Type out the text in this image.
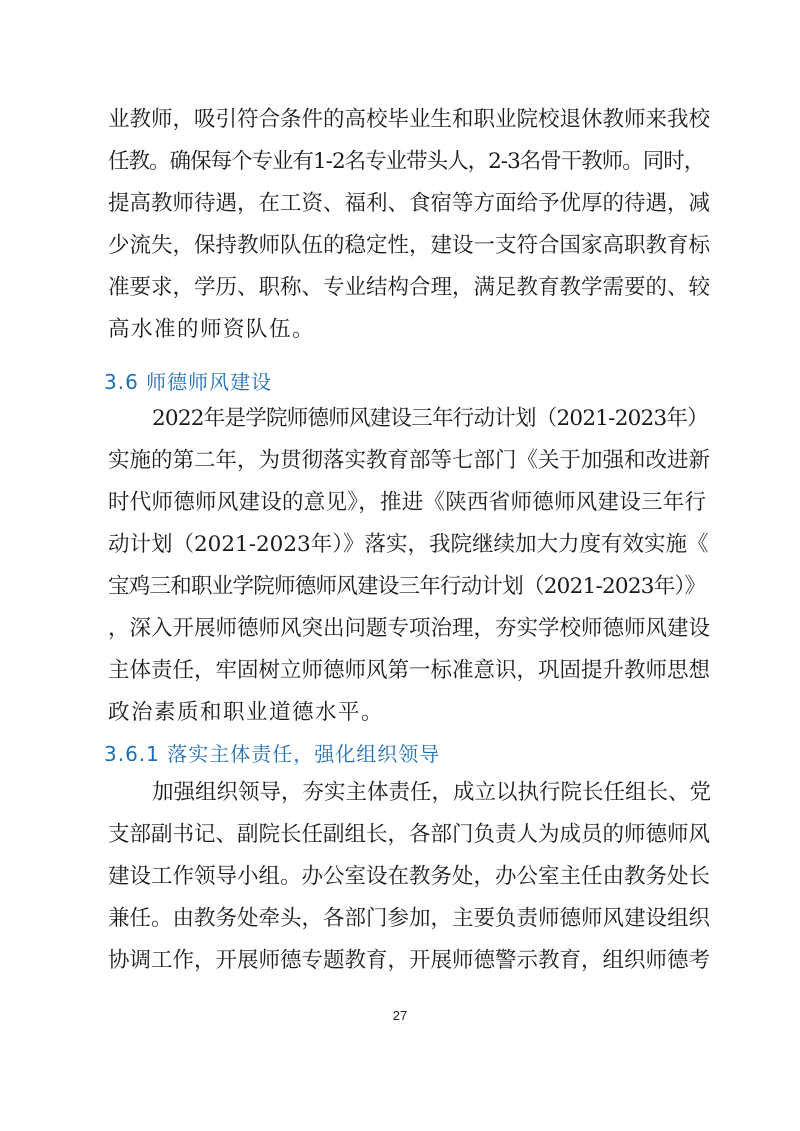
业教师，吸引符合条件的高校毕业生和职业院校退休教师来我校
任教。确保每个专业有1-2名专业带头人，2-3名骨干教师。同时，
提高教师待遇，在工资、福利、食宿等方面给予优厚的待遇，减
少流失，保持教师队伍的稳定性，建设一支符合国家高职教育标
准要求，学历、职称、专业结构合理，满足教育教学需要的、较
高水准的师资队伍。
3.6 师德师风建设
2022年是学院师德师风建设三年行动计划（2021-2023年）
实施的第二年，为贯彻落实教育部等七部门《关于加强和改进新
时代师德师风建设的意见》，推进《陕西省师德师风建设三年行
动计划（2021-2023年）》落实，我院继续加大力度有效实施《
宝鸡三和职业学院师德师风建设三年行动计划（2021-2023年）》
，深入开展师德师风突出问题专项治理，夯实学校师德师风建设
主体责任，牢固树立师德师风第一标准意识，巩固提升教师思想
政治素质和职业道德水平。
3.6.1 落实主体责任，强化组织领导
加强组织领导，夯实主体责任，成立以执行院长任组长、党
支部副书记、副院长任副组长，各部门负责人为成员的师德师风
建设工作领导小组。办公室设在教务处，办公室主任由教务处长
兼任。由教务处牵头，各部门参加，主要负责师德师风建设组织
协调工作，开展师德专题教育，开展师德警示教育，组织师德考
27
